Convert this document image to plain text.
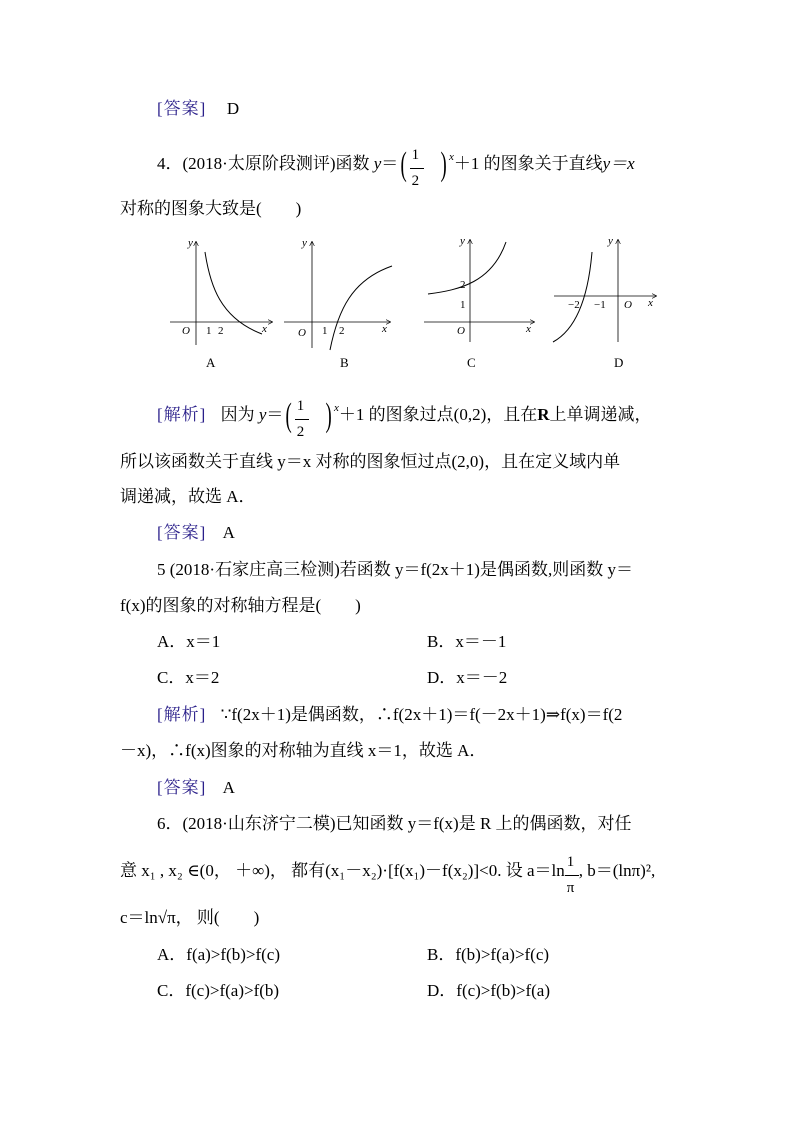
[答案] D
4．(2018·太原阶段测评)函数 y＝(
$\frac{1}{2}$
) $^x$＋1 的图象关于直线y＝x
对称的图象大致是(　　)
y
x
O 1 2
A
y
x
O 1 2
B
y
x
O
1
2
C
y
x
O
−2 −1
D
[解析] 因为 y＝(
$\frac{1}{2}$
) $^x$＋1 的图象过点(0,2)，且在R上单调递减，
所以该函数关于直线 y＝x 对称的图象恒过点(2,0)，且在定义域内单
调递减，故选 A．
[答案] A
5 (2018·石家庄高三检测)若函数 y＝f(2x＋1)是偶函数,则函数 y＝
f(x)的图象的对称轴方程是(　　)
A．x＝1	B．x＝－1
C．x＝2	D．x＝－2
[解析] ∵f(2x＋1)是偶函数，∴f(2x＋1)＝f(－2x＋1)⇒f(x)＝f(2
－x)，∴f(x)图象的对称轴为直线 x＝1，故选 A．
[答案] A
6．(2018·山东济宁二模)已知函数 y＝f(x)是 R 上的偶函数，对任
意 x₁ , x₂ ∈(0， ＋∞)， 都有(x₁－x₂)·[f(x₁)－f(x₂)]<0. 设 a＝ln
$\frac{1}{\pi}$
, b＝(lnπ)²,
c＝ln√π， 则(　　)
A．f(a)>f(b)>f(c)	B．f(b)>f(a)>f(c)
C．f(c)>f(a)>f(b)	D．f(c)>f(b)>f(a)
